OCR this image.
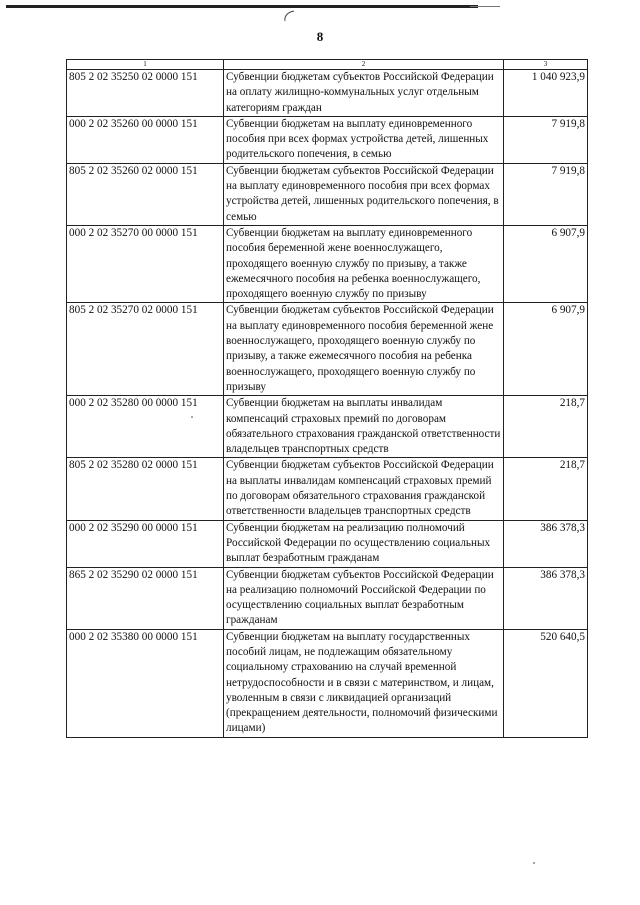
8
1	2	3
805 2 02 35250 02 0000 151	Субвенции бюджетам субъектов Российской Федерации на оплату жилищно-коммунальных услуг отдельным категориям граждан	1 040 923,9
000 2 02 35260 00 0000 151	Субвенции бюджетам на выплату единовременного пособия при всех формах устройства детей, лишенных родительского попечения, в семью	7 919,8
805 2 02 35260 02 0000 151	Субвенции бюджетам субъектов Российской Федерации на выплату единовременного пособия при всех формах устройства детей, лишенных родительского попечения, в семью	7 919,8
000 2 02 35270 00 0000 151	Субвенции бюджетам на выплату единовременного пособия беременной жене военнослужащего, проходящего военную службу по призыву, а также ежемесячного пособия на ребенка военнослужащего, проходящего военную службу по призыву	6 907,9
805 2 02 35270 02 0000 151	Субвенции бюджетам субъектов Российской Федерации на выплату единовременного пособия беременной жене военнослужащего, проходящего военную службу по призыву, а также ежемесячного пособия на ребенка военнослужащего, проходящего военную службу по призыву	6 907,9
000 2 02 35280 00 0000 151	Субвенции бюджетам на выплаты инвалидам компенсаций страховых премий по договорам обязательного страхования гражданской ответственности владельцев транспортных средств	218,7
805 2 02 35280 02 0000 151	Субвенции бюджетам субъектов Российской Федерации на выплаты инвалидам компенсаций страховых премий по договорам обязательного страхования гражданской ответственности владельцев транспортных средств	218,7
000 2 02 35290 00 0000 151	Субвенции бюджетам на реализацию полномочий Российской Федерации по осуществлению социальных выплат безработным гражданам	386 378,3
865 2 02 35290 02 0000 151	Субвенции бюджетам субъектов Российской Федерации на реализацию полномочий Российской Федерации по осуществлению социальных выплат безработным гражданам	386 378,3
000 2 02 35380 00 0000 151	Субвенции бюджетам на выплату государственных пособий лицам, не подлежащим обязательному социальному страхованию на случай временной нетрудоспособности и в связи с материнством, и лицам, уволенным в связи с ликвидацией организаций (прекращением деятельности, полномочий физическими лицами)	520 640,5
